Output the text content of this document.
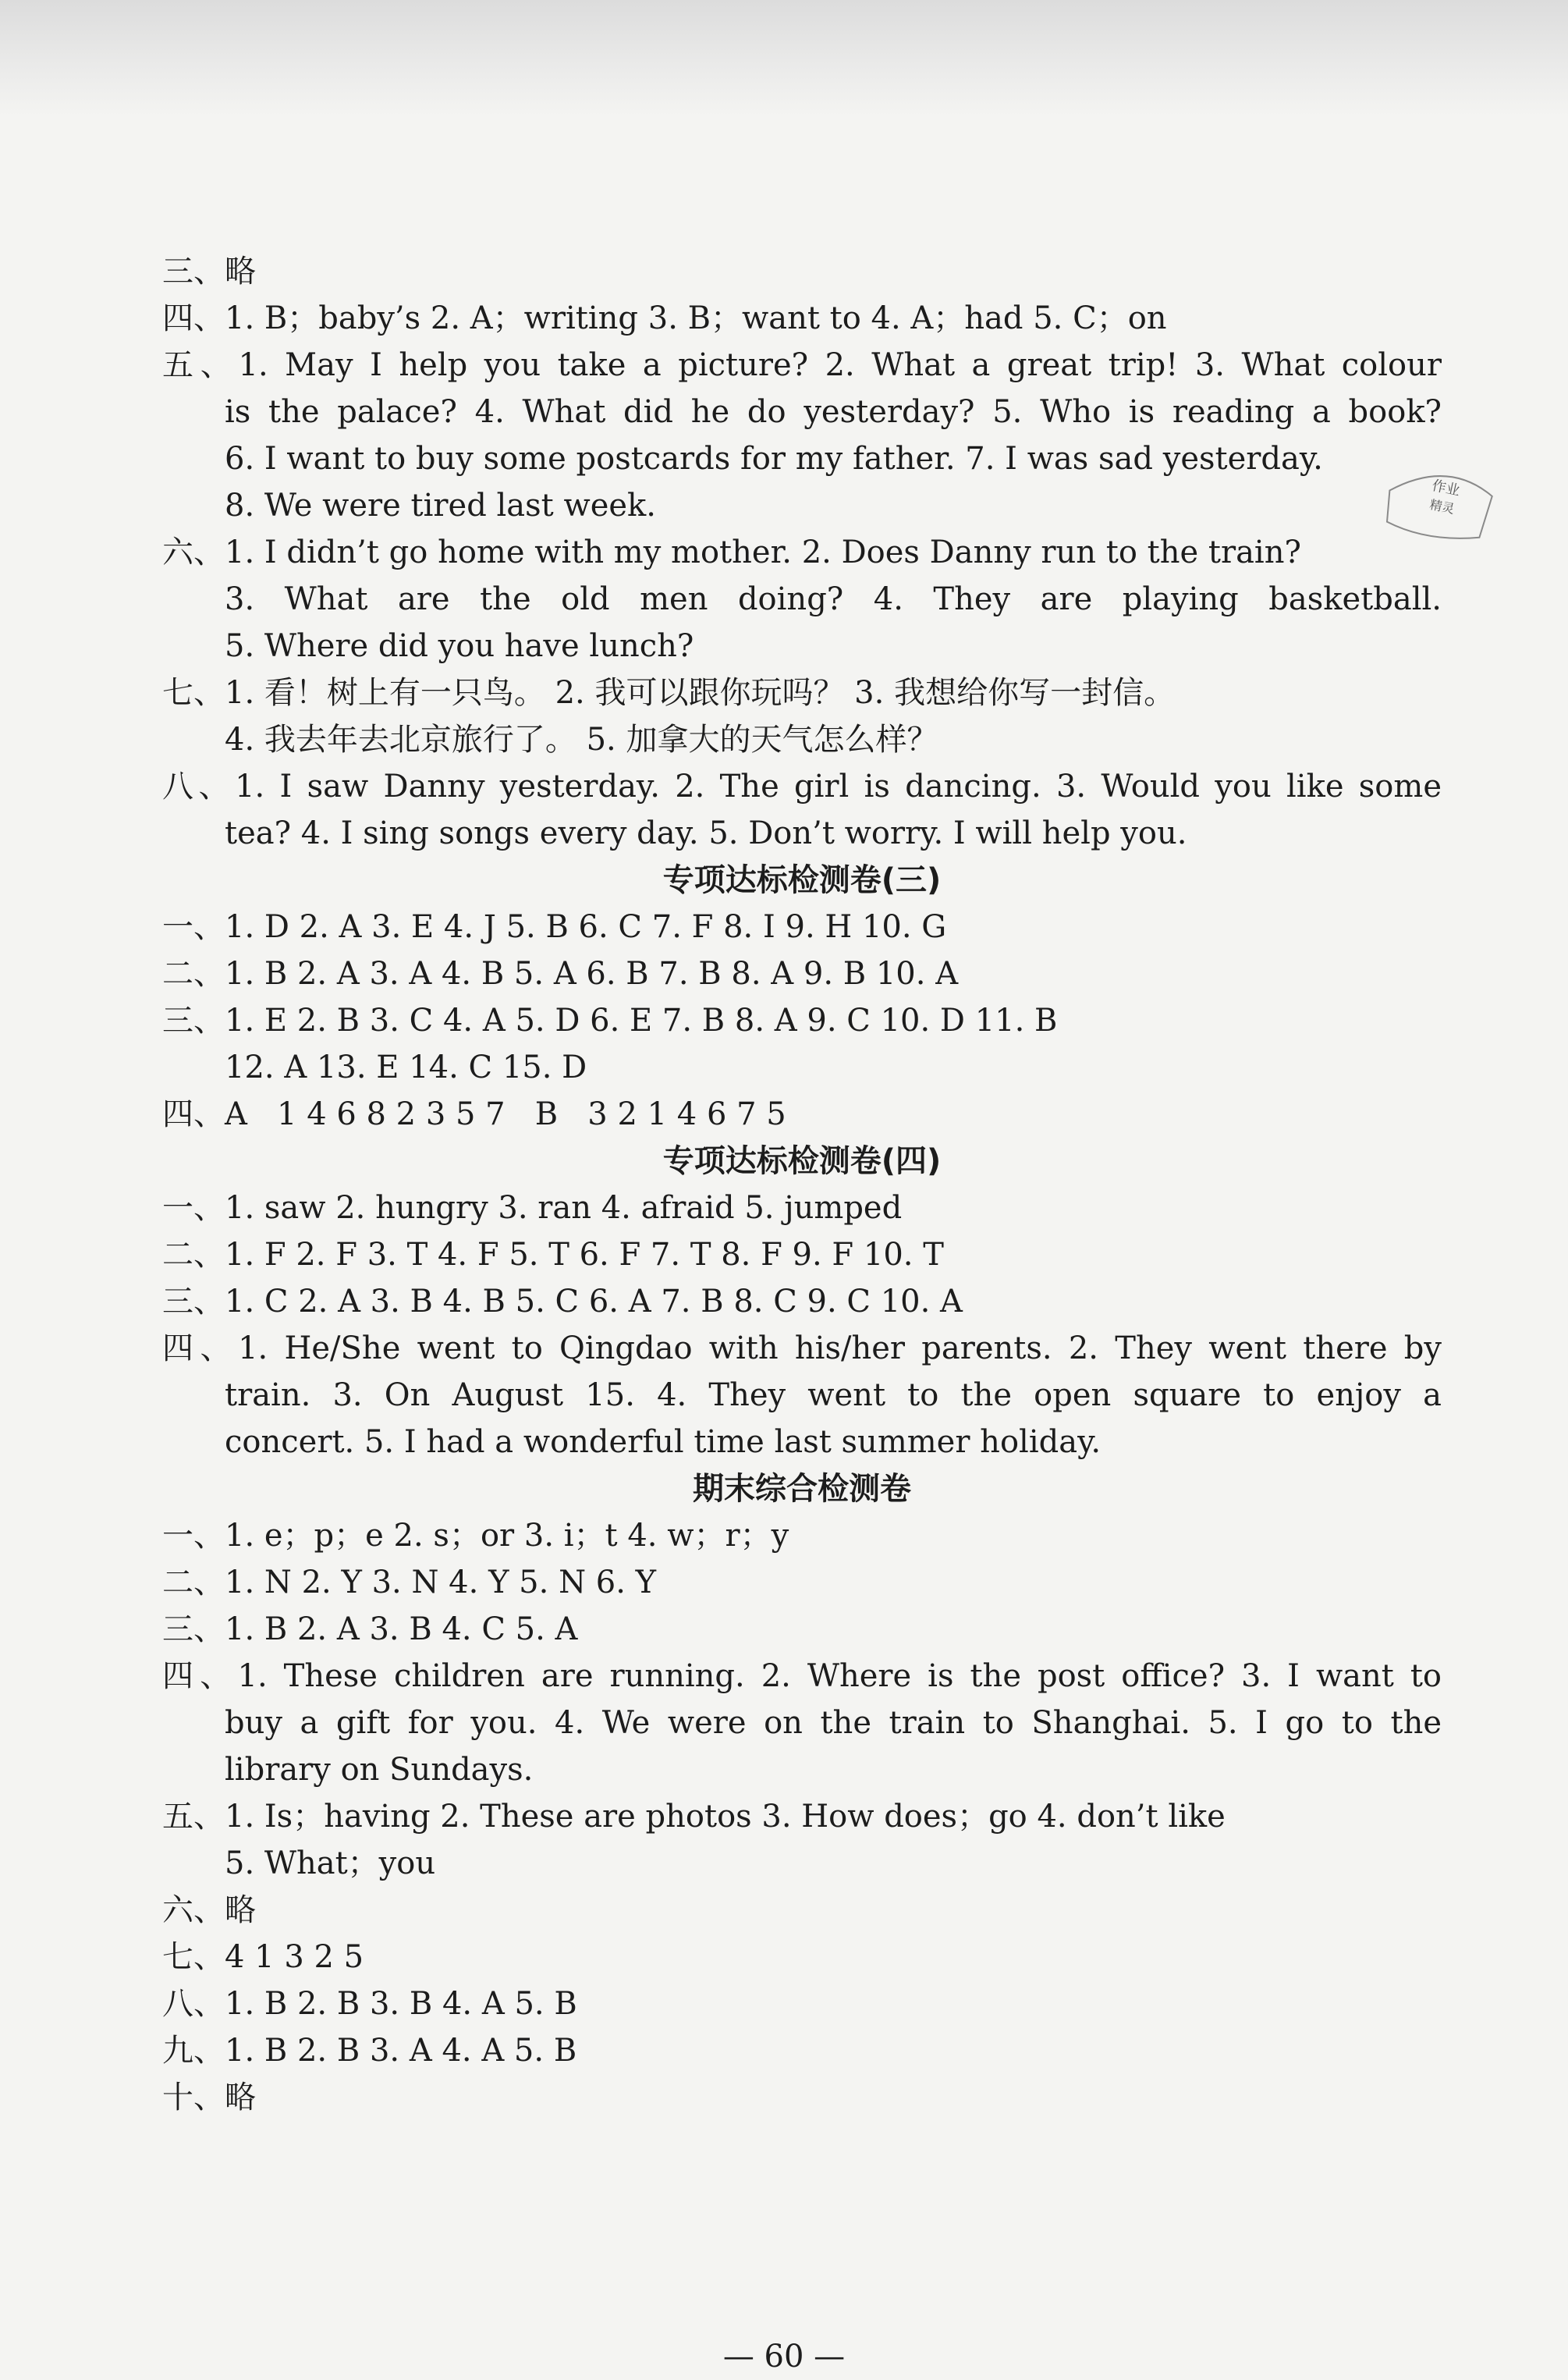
三、略
四、1. B；baby’s 2. A；writing 3. B；want to 4. A；had 5. C；on
五、1. May I help you take a picture? 2. What a great trip! 3. What colour
is the palace? 4. What did he do yesterday? 5. Who is reading a book?
6. I want to buy some postcards for my father. 7. I was sad yesterday.
8. We were tired last week.
六、1. I didn’t go home with my mother. 2. Does Danny run to the train?
3. What are the old men doing? 4. They are playing basketball.
5. Where did you have lunch?
七、1. 看！树上有一只鸟。 2. 我可以跟你玩吗？ 3. 我想给你写一封信。
4. 我去年去北京旅行了。 5. 加拿大的天气怎么样？
八、1. I saw Danny yesterday. 2. The girl is dancing. 3. Would you like some
tea? 4. I sing songs every day. 5. Don’t worry. I will help you.
专项达标检测卷(三)
一、1. D 2. A 3. E 4. J 5. B 6. C 7. F 8. I 9. H 10. G
二、1. B 2. A 3. A 4. B 5. A 6. B 7. B 8. A 9. B 10. A
三、1. E 2. B 3. C 4. A 5. D 6. E 7. B 8. A 9. C 10. D 11. B
12. A 13. E 14. C 15. D
四、A   1 4 6 8 2 3 5 7   B   3 2 1 4 6 7 5
专项达标检测卷(四)
一、1. saw 2. hungry 3. ran 4. afraid 5. jumped
二、1. F 2. F 3. T 4. F 5. T 6. F 7. T 8. F 9. F 10. T
三、1. C 2. A 3. B 4. B 5. C 6. A 7. B 8. C 9. C 10. A
四、1. He/She went to Qingdao with his/her parents. 2. They went there by
train. 3. On August 15. 4. They went to the open square to enjoy a
concert. 5. I had a wonderful time last summer holiday.
期末综合检测卷
一、1. e；p；e 2. s；or 3. i；t 4. w；r；y
二、1. N 2. Y 3. N 4. Y 5. N 6. Y
三、1. B 2. A 3. B 4. C 5. A
四、1. These children are running. 2. Where is the post office? 3. I want to
buy a gift for you. 4. We were on the train to Shanghai. 5. I go to the
library on Sundays.
五、1. Is；having 2. These are photos 3. How does；go 4. don’t like
5. What；you
六、略
七、4 1 3 2 5
八、1. B 2. B 3. B 4. A 5. B
九、1. B 2. B 3. A 4. A 5. B
十、略
作业
精灵
— 60 —
